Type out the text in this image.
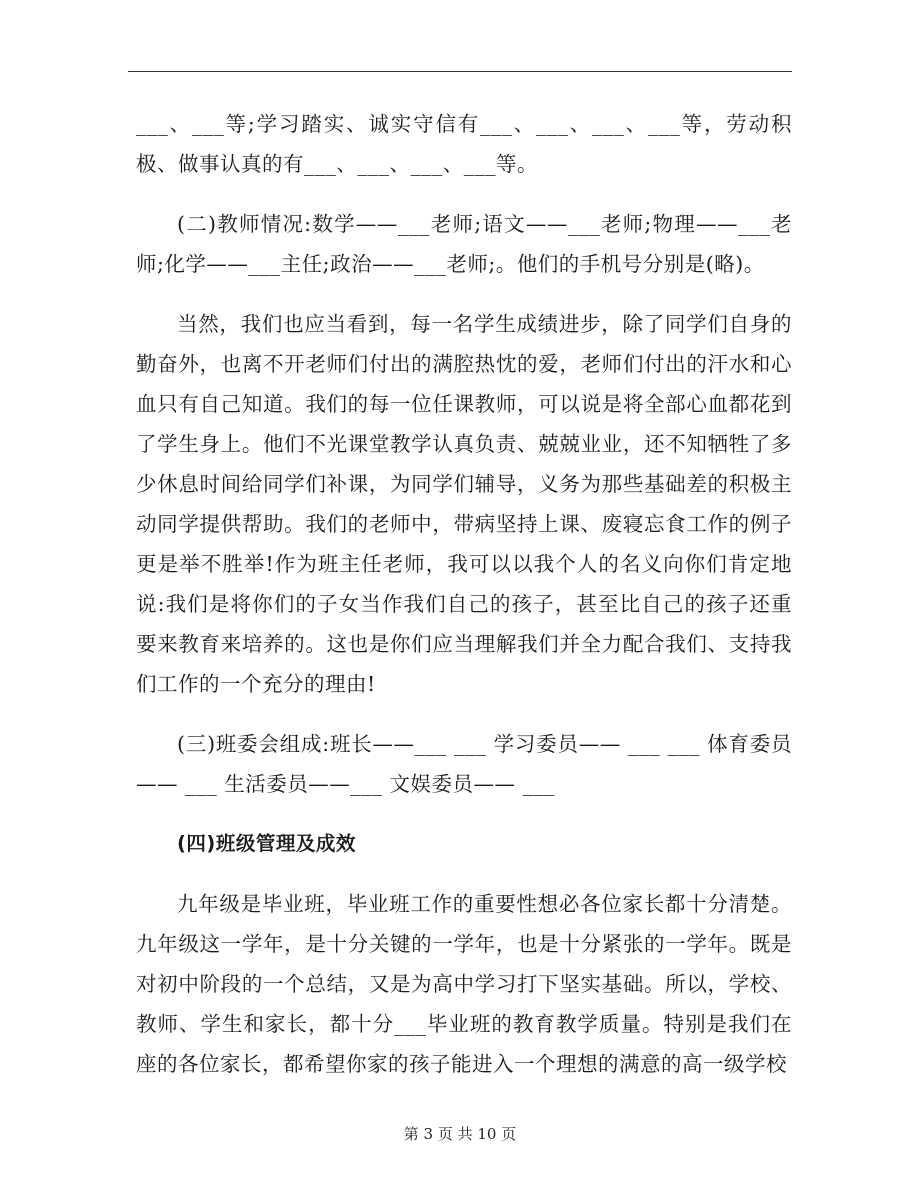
___、___等;学习踏实、诚实守信有___、___、___、___等，劳动积极、做事认真的有___、___、___、___等。

(二)教师情况:数学——___老师;语文——___老师;物理——___老师;化学——___主任;政治——___老师;。他们的手机号分别是(略)。

当然，我们也应当看到，每一名学生成绩进步，除了同学们自身的勤奋外，也离不开老师们付出的满腔热忱的爱，老师们付出的汗水和心血只有自己知道。我们的每一位任课教师，可以说是将全部心血都花到了学生身上。他们不光课堂教学认真负责、兢兢业业，还不知牺牲了多少休息时间给同学们补课，为同学们辅导，义务为那些基础差的积极主动同学提供帮助。我们的老师中，带病坚持上课、废寝忘食工作的例子更是举不胜举!作为班主任老师，我可以以我个人的名义向你们肯定地说:我们是将你们的子女当作我们自己的孩子，甚至比自己的孩子还重要来教育来培养的。这也是你们应当理解我们并全力配合我们、支持我们工作的一个充分的理由!

(三)班委会组成:班长——___ ___ 学习委员—— ___ ___ 体育委员—— ___ 生活委员——___ 文娱委员—— ___

(四)班级管理及成效

九年级是毕业班，毕业班工作的重要性想必各位家长都十分清楚。九年级这一学年，是十分关键的一学年，也是十分紧张的一学年。既是对初中阶段的一个总结，又是为高中学习打下坚实基础。所以，学校、教师、学生和家长，都十分___毕业班的教育教学质量。特别是我们在座的各位家长，都希望你家的孩子能进入一个理想的满意的高一级学校

第 3 页 共 10 页
